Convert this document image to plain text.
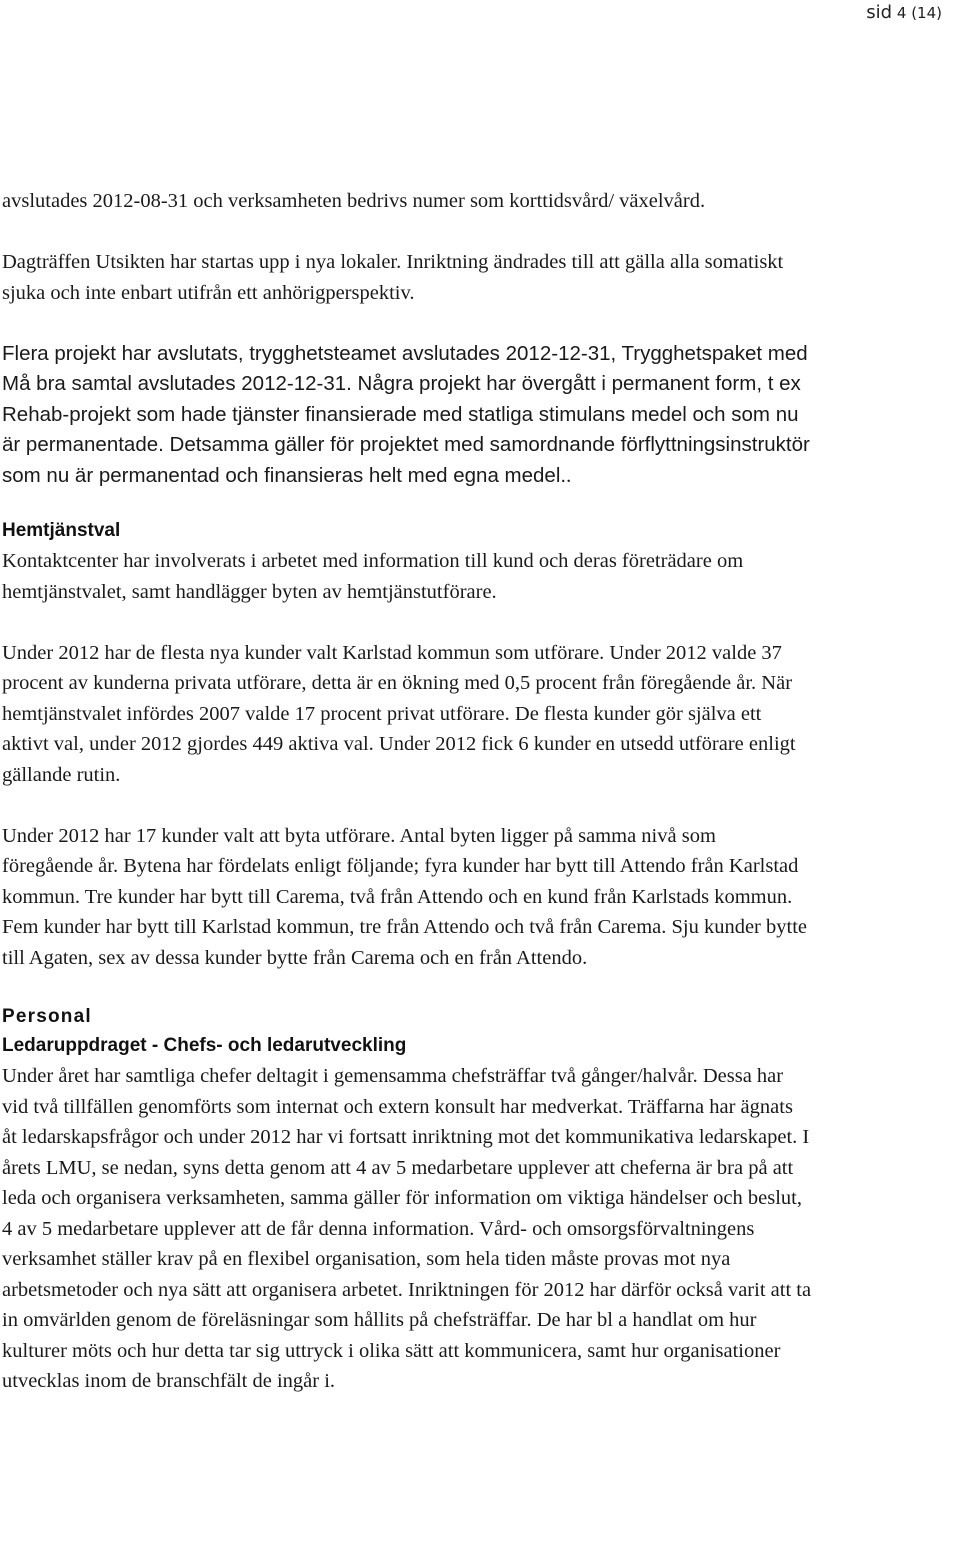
sid 4 (14)

avslutades 2012-08-31 och verksamheten bedrivs numer som korttidsvård/ växelvård.

Dagträffen Utsikten har startas upp i nya lokaler. Inriktning ändrades till att gälla alla somatiskt sjuka och inte enbart utifrån ett anhörigperspektiv.

Flera projekt har avslutats, trygghetsteamet avslutades 2012-12-31, Trygghetspaket med Må bra samtal avslutades 2012-12-31. Några projekt har övergått i permanent form, t ex Rehab-projekt som hade tjänster finansierade med statliga stimulans medel och som nu är permanentade. Detsamma gäller för projektet med samordnande förflyttningsinstruktör som nu är permanentad och finansieras helt med egna medel..

Hemtjänstval

Kontaktcenter har involverats i arbetet med information till kund och deras företrädare om hemtjänstvalet, samt handlägger byten av hemtjänstutförare.

Under 2012 har de flesta nya kunder valt Karlstad kommun som utförare. Under 2012 valde 37 procent av kunderna privata utförare, detta är en ökning med 0,5 procent från föregående år. När hemtjänstvalet infördes 2007 valde 17 procent privat utförare. De flesta kunder gör själva ett aktivt val, under 2012 gjordes 449 aktiva val. Under 2012 fick 6 kunder en utsedd utförare enligt gällande rutin.

Under 2012 har 17 kunder valt att byta utförare. Antal byten ligger på samma nivå som föregående år. Bytena har fördelats enligt följande; fyra kunder har bytt till Attendo från Karlstad kommun. Tre kunder har bytt till Carema, två från Attendo och en kund från Karlstads kommun. Fem kunder har bytt till Karlstad kommun, tre från Attendo och två från Carema. Sju kunder bytte till Agaten, sex av dessa kunder bytte från Carema och en från Attendo.

Personal
Ledaruppdraget - Chefs- och ledarutveckling

Under året har samtliga chefer deltagit i gemensamma chefsträffar två gånger/halvår. Dessa har vid två tillfällen genomförts som internat och extern konsult har medverkat. Träffarna har ägnats åt ledarskapsfrågor och under 2012 har vi fortsatt inriktning mot det kommunikativa ledarskapet. I årets LMU, se nedan, syns detta genom att 4 av 5 medarbetare upplever att cheferna är bra på att leda och organisera verksamheten, samma gäller för information om viktiga händelser och beslut, 4 av 5 medarbetare upplever att de får denna information. Vård- och omsorgsförvaltningens verksamhet ställer krav på en flexibel organisation, som hela tiden måste provas mot nya arbetsmetoder och nya sätt att organisera arbetet. Inriktningen för 2012 har därför också varit att ta in omvärlden genom de föreläsningar som hållits på chefsträffar. De har bl a handlat om hur kulturer möts och hur detta tar sig uttryck i olika sätt att kommunicera, samt hur organisationer utvecklas inom de branschfält de ingår i.
